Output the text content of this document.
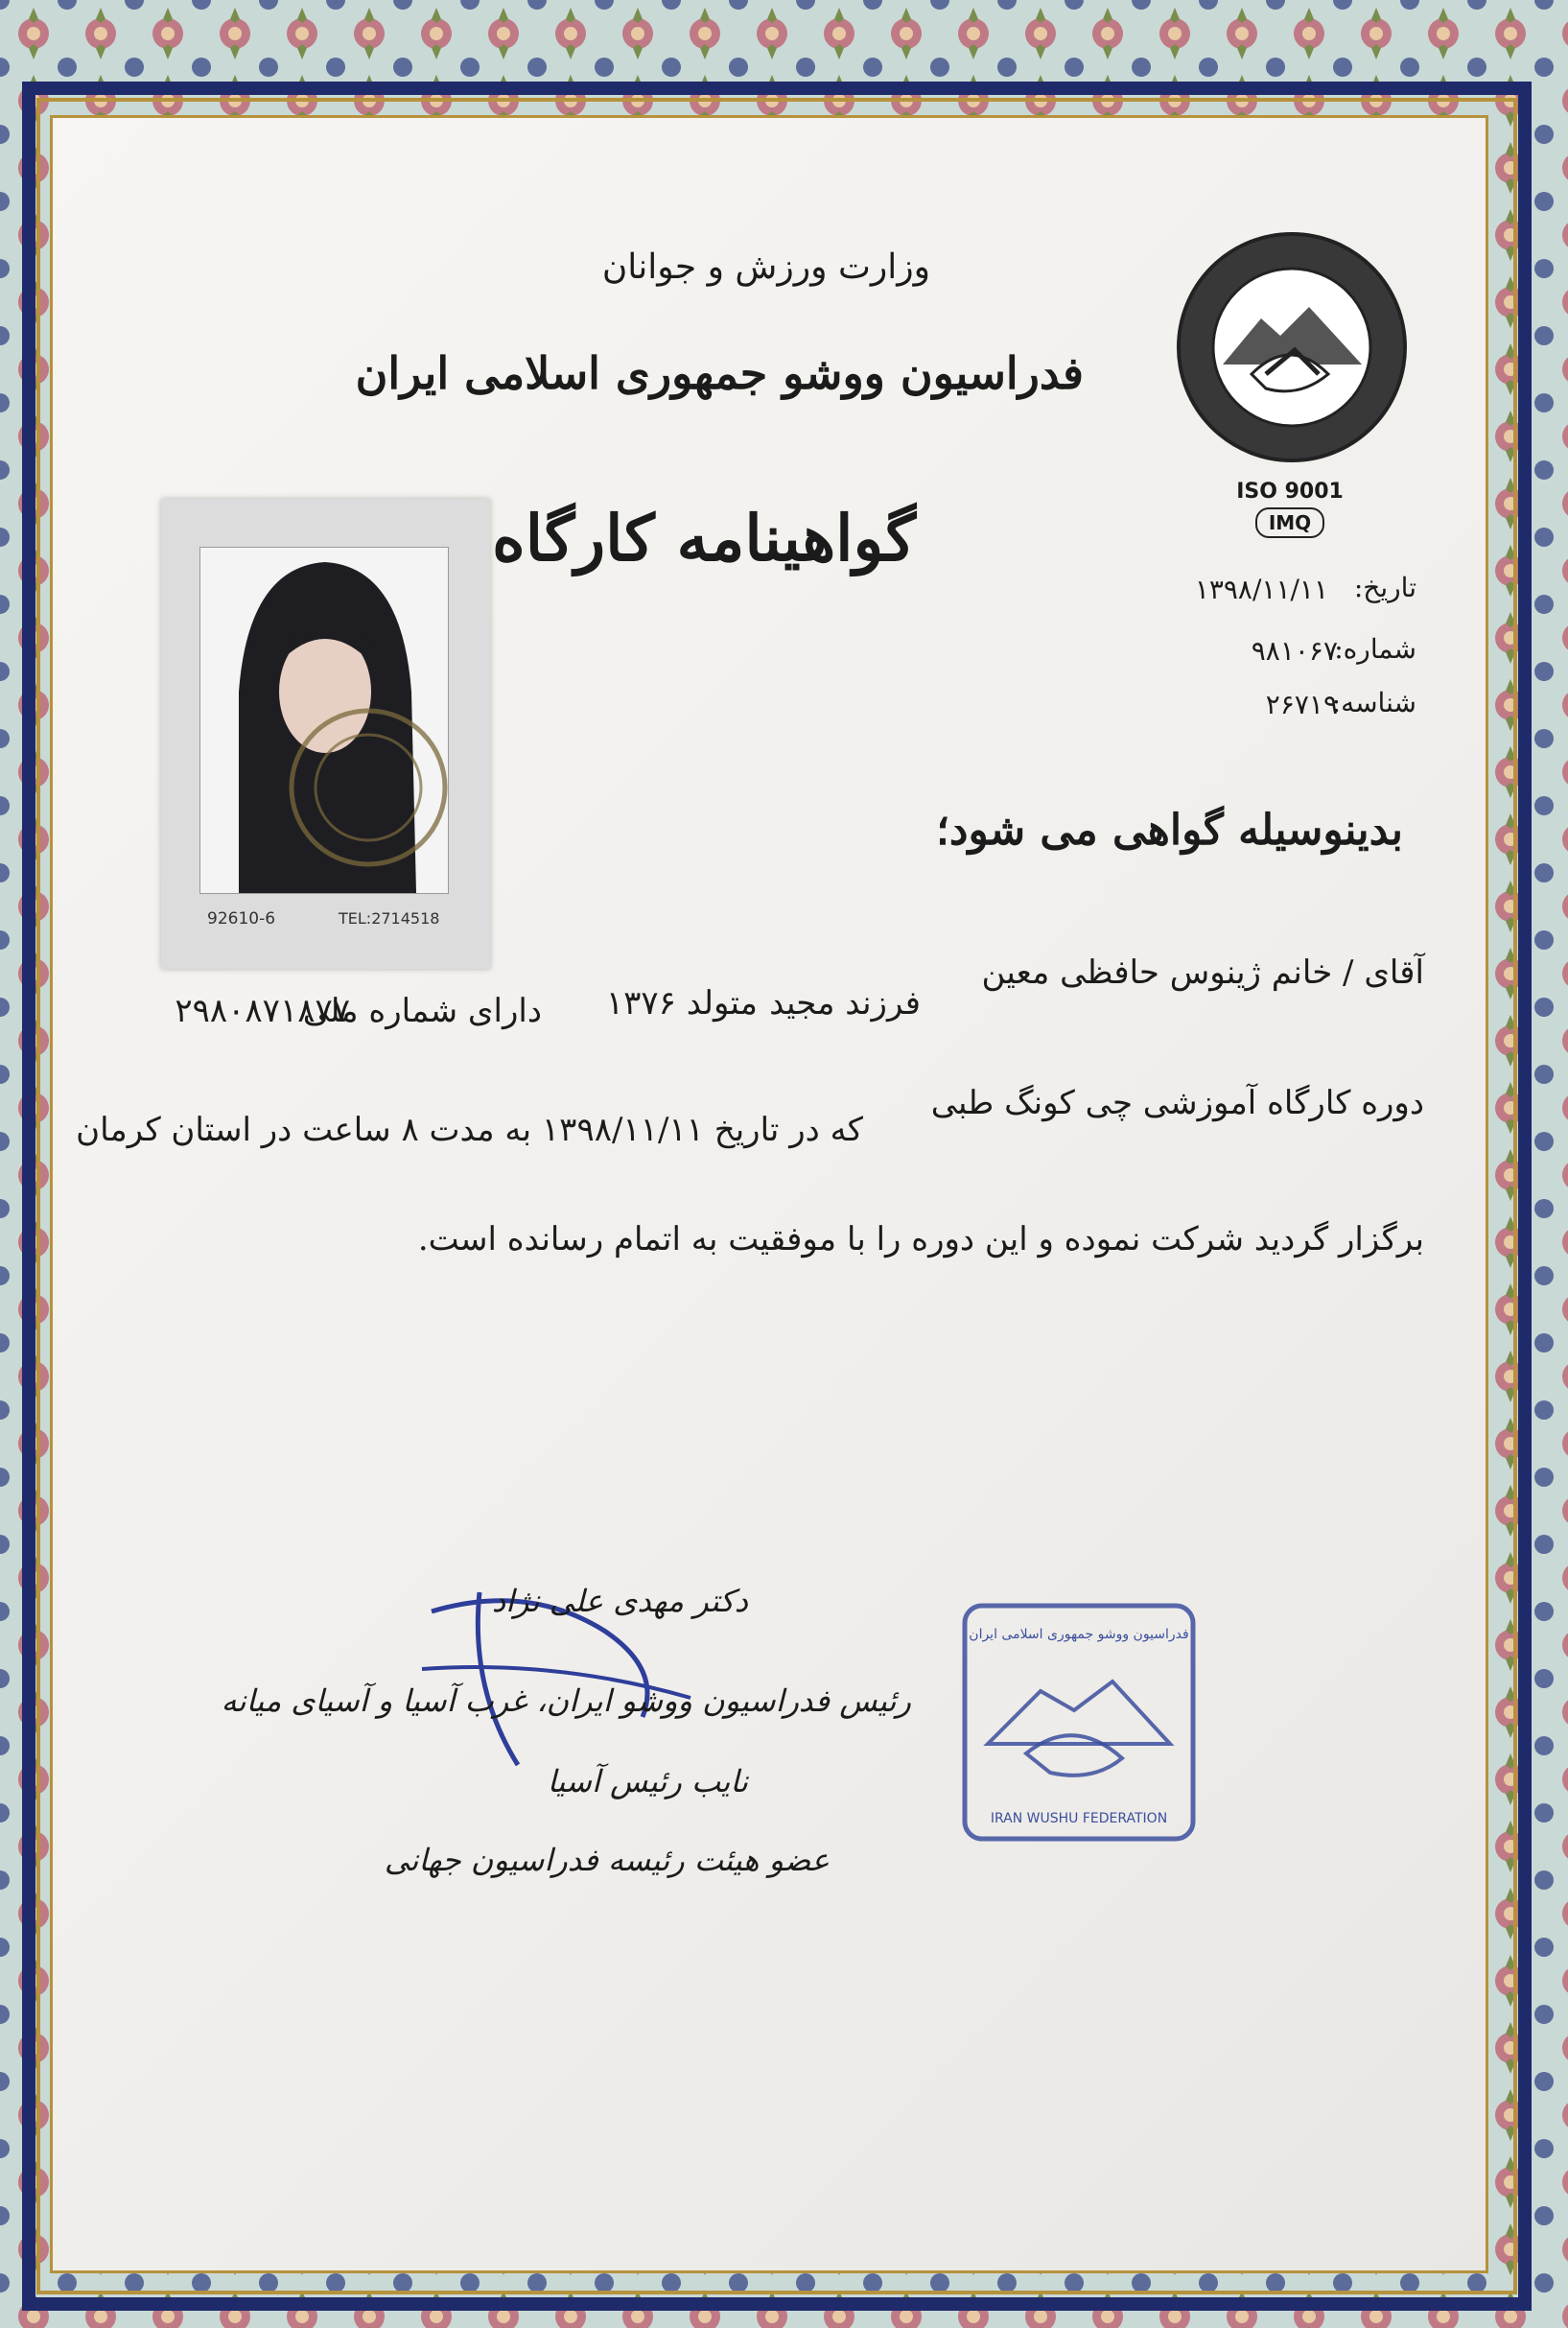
وزارت ورزش و جوانان
فدراسیون ووشو جمهوری اسلامی ایران
گواهینامه کارگاه
ISO 9001
IMQ
تاریخ:
۱۳۹۸/۱۱/۱۱
شماره:
۹۸۱۰۶۷
شناسه:
۲۶۷۱۹
92610-6	TEL:2714518
بدینوسیله گواهی می شود؛
آقای / خانم ژینوس حافظی معین
فرزند مجید
متولد ۱۳۷۶
دارای شماره ملی
۲۹۸۰۸۷۱۸۷۷
دوره کارگاه آموزشی چی کونگ طبی
که در تاریخ ۱۳۹۸/۱۱/۱۱ به مدت ۸ ساعت در استان کرمان
برگزار گردید شرکت نموده و این دوره را با موفقیت به اتمام رسانده است.
دکتر مهدی علی نژاد
رئیس فدراسیون ووشو ایران، غرب آسیا و آسیای میانه
نایب رئیس آسیا
عضو هیئت رئیسه فدراسیون جهانی
فدراسیون ووشو جمهوری اسلامی ایران
IRAN WUSHU FEDERATION
